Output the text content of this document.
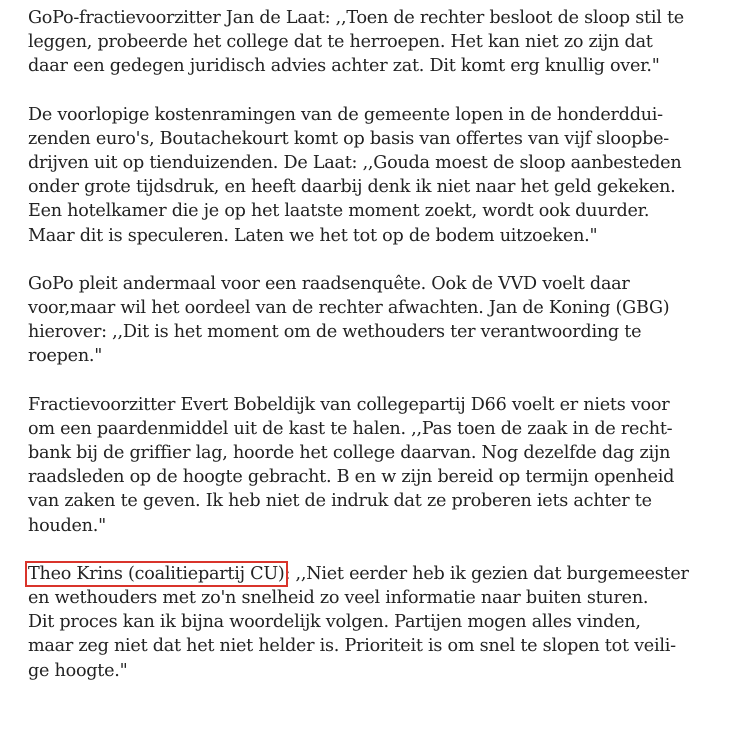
GoPo-fractievoorzitter Jan de Laat: ,,Toen de rechter besloot de sloop stil te
leggen, probeerde het college dat te herroepen. Het kan niet zo zijn dat
daar een gedegen juridisch advies achter zat. Dit komt erg knullig over."

De voorlopige kostenramingen van de gemeente lopen in de honderddui-
zenden euro's, Boutachekourt komt op basis van offertes van vijf sloopbe-
drijven uit op tienduizenden. De Laat: ,,Gouda moest de sloop aanbesteden
onder grote tijdsdruk, en heeft daarbij denk ik niet naar het geld gekeken.
Een hotelkamer die je op het laatste moment zoekt, wordt ook duurder.
Maar dit is speculeren. Laten we het tot op de bodem uitzoeken."

GoPo pleit andermaal voor een raadsenquête. Ook de VVD voelt daar
voor,maar wil het oordeel van de rechter afwachten. Jan de Koning (GBG)
hierover: ,,Dit is het moment om de wethouders ter verantwoording te
roepen."

Fractievoorzitter Evert Bobeldijk van collegepartij D66 voelt er niets voor
om een paardenmiddel uit de kast te halen. ,,Pas toen de zaak in de recht-
bank bij de griffier lag, hoorde het college daarvan. Nog dezelfde dag zijn
raadsleden op de hoogte gebracht. B en w zijn bereid op termijn openheid
van zaken te geven. Ik heb niet de indruk dat ze proberen iets achter te
houden."

Theo Krins (coalitiepartij CU): ,,Niet eerder heb ik gezien dat burgemeester
en wethouders met zo'n snelheid zo veel informatie naar buiten sturen.
Dit proces kan ik bijna woordelijk volgen. Partijen mogen alles vinden,
maar zeg niet dat het niet helder is. Prioriteit is om snel te slopen tot veili-
ge hoogte."
